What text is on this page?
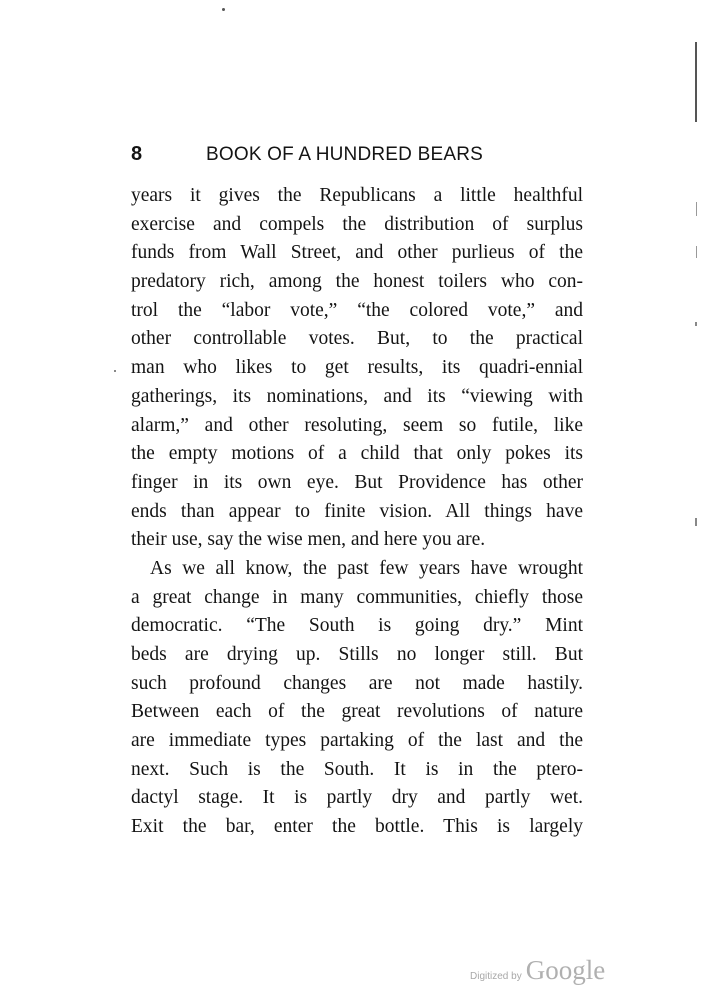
8	BOOK OF A HUNDRED BEARS
years it gives the Republicans a little healthful
exercise and compels the distribution of surplus
funds from Wall Street, and other purlieus of the
predatory rich, among the honest toilers who con-
trol the “labor vote,” “the colored vote,” and
other controllable votes. But, to the practical
man who likes to get results, its quadri-ennial
gatherings, its nominations, and its “viewing with
alarm,” and other resoluting, seem so futile, like
the empty motions of a child that only pokes its
finger in its own eye. But Providence has other
ends than appear to finite vision. All things have
their use, say the wise men, and here you are.
As we all know, the past few years have wrought
a great change in many communities, chiefly those
democratic. “The South is going dry.” Mint
beds are drying up. Stills no longer still. But
such profound changes are not made hastily.
Between each of the great revolutions of nature
are immediate types partaking of the last and the
next. Such is the South. It is in the ptero-
dactyl stage. It is partly dry and partly wet.
Exit the bar, enter the bottle. This is largely
Digitized by Google
